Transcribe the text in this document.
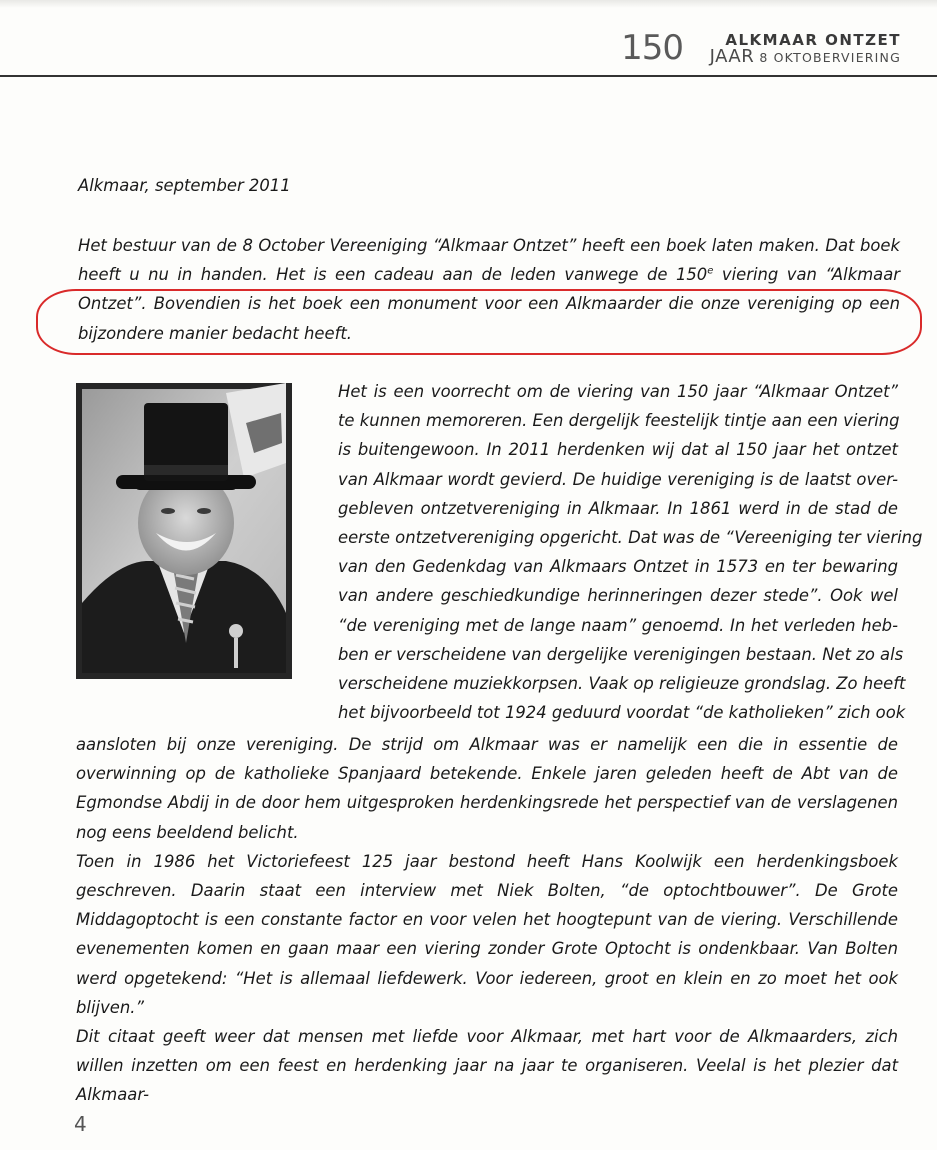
150	ALKMAAR ONTZET
JAAR 8 OKTOBERVIERING
Alkmaar, september 2011
Het bestuur van de 8 October Vereeniging “Alkmaar Ontzet” heeft een boek laten maken. Dat boek heeft u nu in handen. Het is een cadeau aan de leden vanwege de 150e viering van “Alkmaar Ontzet”. Bovendien is het boek een monument voor een Alkmaarder die onze vereniging op een bijzondere manier bedacht heeft.
Het is een voorrecht om de viering van 150 jaar “Alkmaar Ontzet”
te kunnen memoreren. Een dergelijk feestelijk tintje aan een viering
is buitengewoon. In 2011 herdenken wij dat al 150 jaar het ontzet
van Alkmaar wordt gevierd. De huidige vereniging is de laatst over-
gebleven ontzetvereniging in Alkmaar. In 1861 werd in de stad de
eerste ontzetvereniging opgericht. Dat was de “Vereeniging ter viering
van den Gedenkdag van Alkmaars Ontzet in 1573 en ter bewaring
van andere geschiedkundige herinneringen dezer stede”. Ook wel
“de vereniging met de lange naam” genoemd. In het verleden heb-
ben er verscheidene van dergelijke verenigingen bestaan. Net zo als
verscheidene muziekkorpsen. Vaak op religieuze grondslag. Zo heeft
het bijvoorbeeld tot 1924 geduurd voordat “de katholieken” zich ook

aansloten bij onze vereniging. De strijd om Alkmaar was er namelijk een die in essentie de overwinning op de katholieke Spanjaard betekende. Enkele jaren geleden heeft de Abt van de Egmondse Abdij in de door hem uitgesproken herdenkingsrede het perspectief van de verslagenen nog eens beeldend belicht.

Toen in 1986 het Victoriefeest 125 jaar bestond heeft Hans Koolwijk een herdenkingsboek geschreven. Daarin staat een interview met Niek Bolten, “de optochtbouwer”. De Grote Middagoptocht is een constante factor en voor velen het hoogtepunt van de viering. Verschillende evenementen komen en gaan maar een viering zonder Grote Optocht is ondenkbaar. Van Bolten werd opgetekend: “Het is allemaal liefdewerk. Voor iedereen, groot en klein en zo moet het ook blijven.”

Dit citaat geeft weer dat mensen met liefde voor Alkmaar, met hart voor de Alkmaarders, zich willen inzetten om een feest en herdenking jaar na jaar te organiseren. Veelal is het plezier dat Alkmaar-

4
